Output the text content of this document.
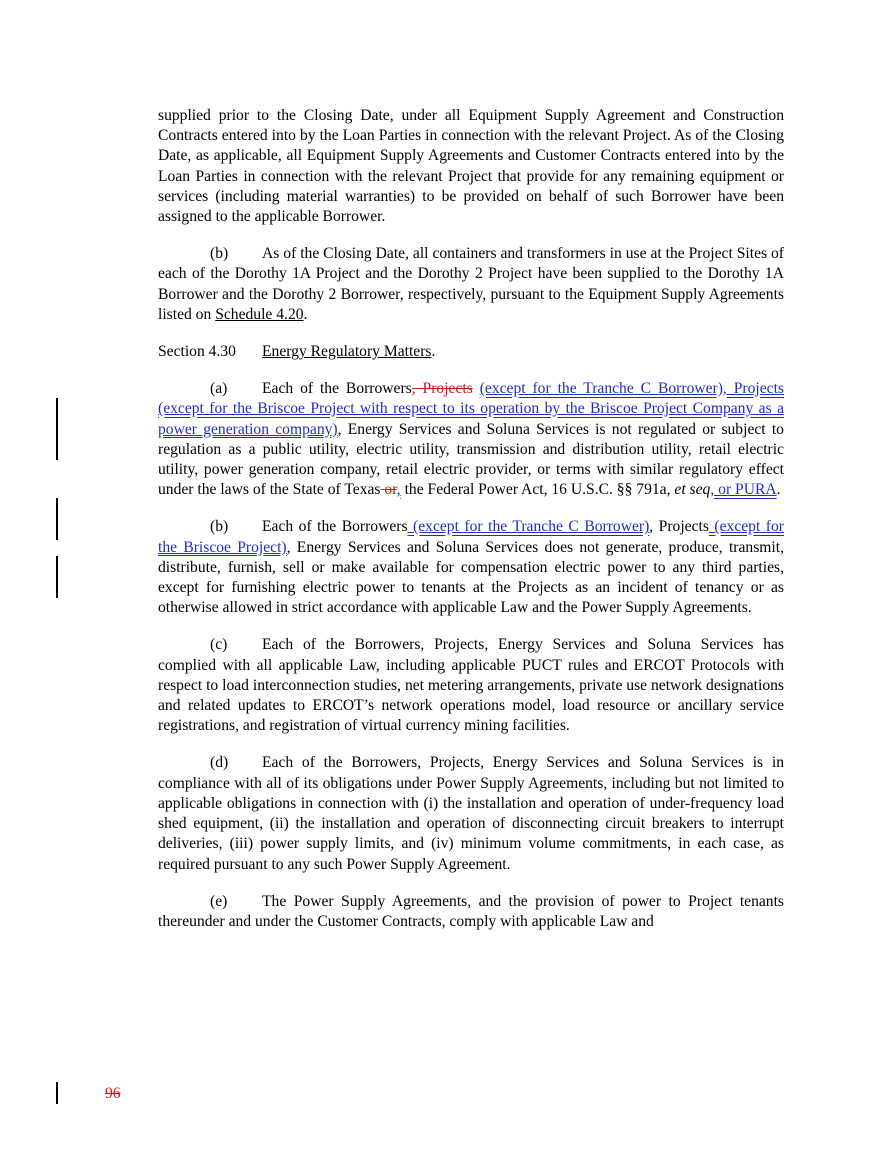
supplied prior to the Closing Date, under all Equipment Supply Agreement and Construction Contracts entered into by the Loan Parties in connection with the relevant Project. As of the Closing Date, as applicable, all Equipment Supply Agreements and Customer Contracts entered into by the Loan Parties in connection with the relevant Project that provide for any remaining equipment or services (including material warranties) to be provided on behalf of such Borrower have been assigned to the applicable Borrower.

(b) As of the Closing Date, all containers and transformers in use at the Project Sites of each of the Dorothy 1A Project and the Dorothy 2 Project have been supplied to the Dorothy 1A Borrower and the Dorothy 2 Borrower, respectively, pursuant to the Equipment Supply Agreements listed on Schedule 4.20.

Section 4.30 Energy Regulatory Matters.

(a) Each of the Borrowers, Projects (except for the Tranche C Borrower), Projects (except for the Briscoe Project with respect to its operation by the Briscoe Project Company as a power generation company), Energy Services and Soluna Services is not regulated or subject to regulation as a public utility, electric utility, transmission and distribution utility, retail electric utility, power generation company, retail electric provider, or terms with similar regulatory effect under the laws of the State of Texas or, the Federal Power Act, 16 U.S.C. §§ 791a, et seq, or PURA.

(b) Each of the Borrowers (except for the Tranche C Borrower), Projects (except for the Briscoe Project), Energy Services and Soluna Services does not generate, produce, transmit, distribute, furnish, sell or make available for compensation electric power to any third parties, except for furnishing electric power to tenants at the Projects as an incident of tenancy or as otherwise allowed in strict accordance with applicable Law and the Power Supply Agreements.

(c) Each of the Borrowers, Projects, Energy Services and Soluna Services has complied with all applicable Law, including applicable PUCT rules and ERCOT Protocols with respect to load interconnection studies, net metering arrangements, private use network designations and related updates to ERCOT’s network operations model, load resource or ancillary service registrations, and registration of virtual currency mining facilities.

(d) Each of the Borrowers, Projects, Energy Services and Soluna Services is in compliance with all of its obligations under Power Supply Agreements, including but not limited to applicable obligations in connection with (i) the installation and operation of under-frequency load shed equipment, (ii) the installation and operation of disconnecting circuit breakers to interrupt deliveries, (iii) power supply limits, and (iv) minimum volume commitments, in each case, as required pursuant to any such Power Supply Agreement.

(e) The Power Supply Agreements, and the provision of power to Project tenants thereunder and under the Customer Contracts, comply with applicable Law and

96
